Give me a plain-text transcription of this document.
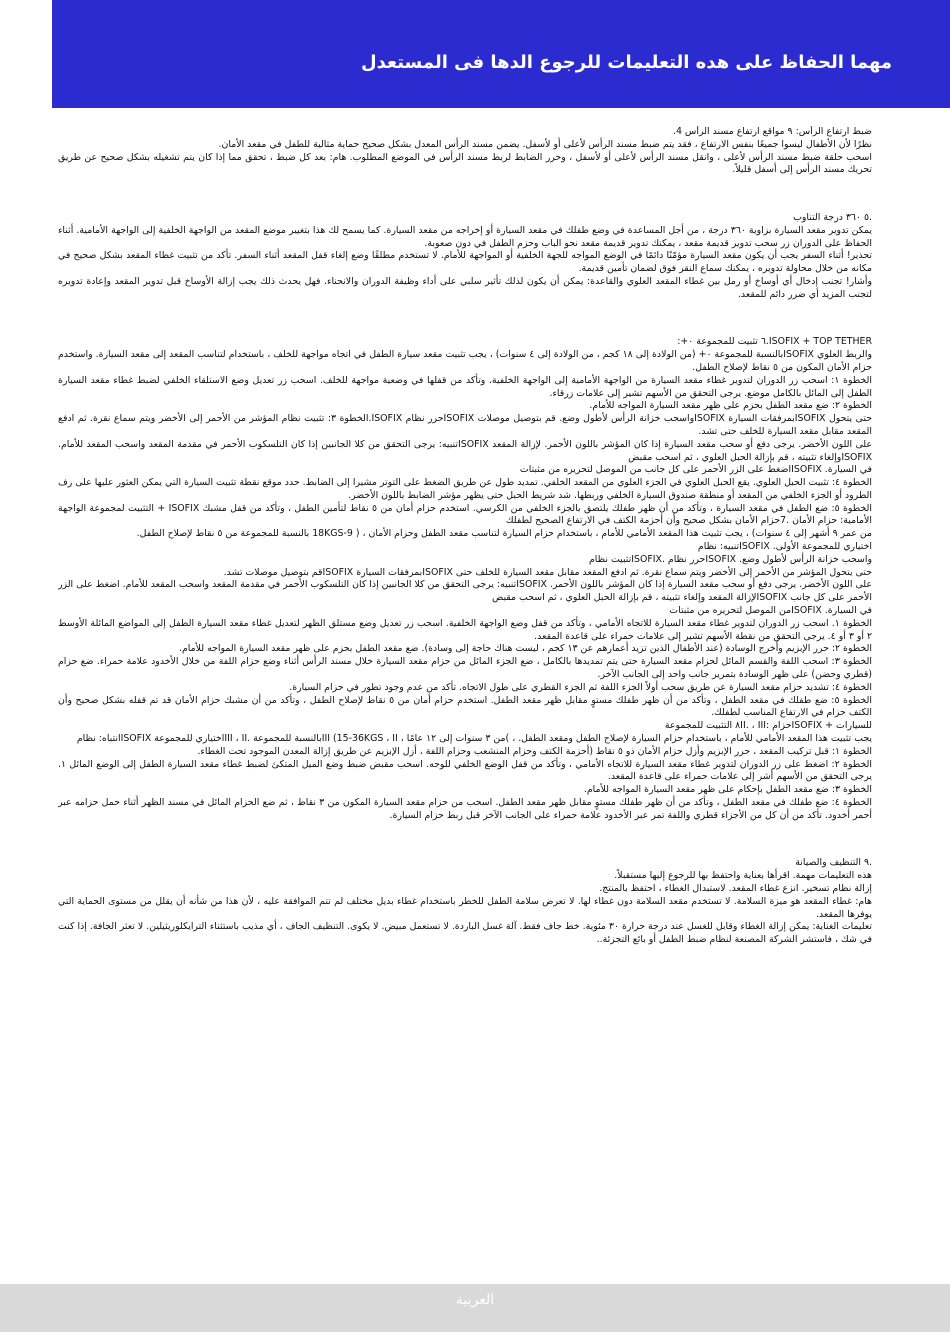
مهما الحفاظ على هده التعليمات للرجوع الدها فى المستعدل

ضبط ارتفاع الرأس: ٩ مواقع ارتفاع مسند الرأس 4.

نظرًا لأن الأطفال ليسوا جميعًا بنفس الارتفاع ، فقد يتم ضبط مسند الرأس لأعلى أو لأسفل. يضمن مسند الرأس المعدل بشكل صحيح حماية مثالية للطفل في مقعد الأمان.

اسحب حلقة ضبط مسند الرأس لأعلى ، وانقل مسند الرأس لأعلى أو لأسفل ، وحرر الضابط لربط مسند الرأس في الموضع المطلوب. هام: بعد كل ضبط ، تحقق مما إذا كان يتم تشغيله بشكل صحيح عن طريق تحريك مسند الرأس إلى أسفل قليلاً.

.٥ ٣٦٠ درجة التناوب

يمكن تدوير مقعد السيارة بزاوية ٣٦٠ درجة ، من أجل المساعدة في وضع طفلك في مقعد السيارة أو إخراجه من مقعد السيارة. كما يسمح لك هذا بتغيير موضع المقعد من الواجهة الخلفية إلى الواجهة الأمامية. أثناء الحفاظ على الدوران زر سحب تدوير قديمة مقعد ، يمكنك تدوير قديمة مقعد نحو الباب وحزم الطفل في دون صعوبة.

تحذير! أثناء السفر يجب أن يكون مقعد السيارة مؤمّنًا دائمًا في الوضع المواجه للجهة الخلفية أو المواجهة للأمام. لا تستخدم مطلقًا وضع إلغاء قفل المقعد أثناء السفر. تأكد من تثبيت غطاء المقعد بشكل صحيح في مكانه من خلال محاولة تدويره ، يمكنك سماع النقر فوق لضمان تأمين قديمة.

وأشار! تجنب إدخال أي أوساخ أو رمل بين غطاء المقعد العلوي والقاعدة: يمكن أن يكون لذلك تأثير سلبي على أداء وظيفة الدوران والانحناء. فهل يحدث ذلك يجب إزالة الأوساخ قبل تدوير المقعد وإعادة تدويره لتجنب المزيد أي ضرر دائم للمقعد.

ISOFIX + TOP TETHER.٦ تثبيت للمجموعة ٠+:

والربط العلوي ISOFIXبالنسبة للمجموعة ٠+ (من الولادة إلى ١٨ كجم ، من الولادة إلى ٤ سنوات) ، يجب تثبيت مقعد سيارة الطفل في اتجاه مواجهة للخلف ، باستخدام لتناسب المقعد إلى مقعد السيارة. واستخدم حزام الأمان المكون من ٥ نقاط لإصلاح الطفل.

الخطوة ١: اسحب زر الدوران لتدوير غطاء مقعد السيارة من الواجهة الأمامية إلى الواجهة الخلفية. وتأكد من قفلها في وضعية مواجهة للخلف. اسحب زر تعديل وضع الاستلقاء الخلفي لضبط غطاء مقعد السيارة الطفل إلى المائل بالكامل موضع. يرجى التحقق من الأسهم تشير إلى علامات زرقاء.

الخطوة ٢: ضع مقعد الطفل بحزم على ظهر مقعد السيارة المواجه للأمام.

حتى يتحول ISOFIXبمرفقات السيارة ISOFIXواسحب خزانة الرأس لأطول وضع. قم بتوصيل موصلات ISOFIXحرر نظام ISOFIX.الخطوة ٣: تثبيت نظام المؤشر من الأحمر إلى الأخضر ويتم سماع نقرة. ثم ادفع المقعد مقابل مقعد السيارة للخلف حتى تشد.

على اللون الأخضر. يرجى دفع أو سحب مقعد السيارة إذا كان المؤشر باللون الأحمر. لإزالة المقعد ISOFIXتنبيه: يرجى التحقق من كلا الجانبين إذا كان التلسكوب الأحمر في مقدمة المقعد واسحب المقعد للأمام. ISOFIXوإلغاء تثبيته ، قم بإزالة الحبل العلوي ، ثم اسحب مقبض

في السيارة. ISOFIXاضغط على الزر الأحمر على كل جانب من الموصل لتحريره من مثبتات

الخطوة ٤: تثبيت الحبل العلوي. يقع الحبل العلوي في الجزء العلوي من المقعد الخلفي. تمديد طول عن طريق الضغط على التوتر مشيرا إلى الضابط. حدد موقع نقطة تثبيت السيارة التي يمكن العثور عليها على رف الطرود أو الجزء الخلفي من المقعد أو منطقة صندوق السيارة الخلفي وربطها. شد شريط الحبل حتى يظهر مؤشر الضابط باللون الأخضر.

الخطوة ٥: ضع الطفل في مقعد السيارة ، وتأكد من أن ظهر طفلك يلتصق بالجزء الخلفي من الكرسي. استخدم حزام أمان من ٥ نقاط لتأمين الطفل ، وتأكد من قفل مشبك ISOFIX + التثبيت لمجموعة الواجهة الأمامية: حزام الأمان .7حزام الأمان بشكل صحيح وأن أحزمة الكتف في الارتفاع الصحيح لطفلك

من عمر ٩ أشهر إلى ٤ سنوات) ، يجب تثبيت هذا المقعد الأمامي للأمام ، باستخدام حزام السيارة لتناسب مقعد الطفل وحزام الأمان ، ( 9-18KGS بالنسبة للمجموعة من ٥ نقاط لإصلاح الطفل.

اختياري للمجموعة الأولى. ISOFIXتنبيه: نظام

واسحب خزانة الرأس لأطول وضع. ISOFIXحرر نظام .ISOFIXتثبيت نظام

حتى يتحول المؤشر من الأحمر إلى الأخضر ويتم سماع نقرة. ثم ادفع المقعد مقابل مقعد السيارة للخلف حتى ISOFIXبمرفقات السيارة ISOFIXقم بتوصيل موصلات تشد.

على اللون الأخضر. يرجى دفع أو سحب مقعد السيارة إذا كان المؤشر باللون الأحمر. ISOFIXتنبيه: يرجى التحقق من كلا الجانبين إذا كان التلسكوب الأحمر في مقدمة المقعد واسحب المقعد للأمام. اضغط على الزر الأحمر على كل جانب ISOFIXلإزالة المقعد وإلغاء تثبيته ، قم بإزالة الحبل العلوي ، ثم اسحب مقبض

في السيارة. ISOFIXمن الموصل لتحريره من مثبتات

الخطوة ١. اسحب زر الدوران لتدوير غطاء مقعد السيارة للاتجاه الأمامي ، وتأكد من قفل وضع الواجهة الخلفية. اسحب زر تعديل وضع مستلق الظهر لتعديل غطاء مقعد السيارة الطفل إلى المواضع المائلة الأوسط ٢ أو ٣ أو ٤. يرجى التحقق من نقطة الأسهم تشير إلى علامات حمراء على قاعدة المقعد.

الخطوة ٢: حرر الإبزيم وأخرج الوسادة (عند الأطفال الذين تزيد أعمارهم عن ١٣ كجم ، ليست هناك حاجة إلى وسادة). ضع مقعد الطفل بحزم على ظهر مقعد السيارة المواجه للأمام.

الخطوة ٣: اسحب اللفة والقسم المائل لحزام مقعد السيارة حتى يتم تمديدها بالكامل ، ضع الجزء المائل من حزام مقعد السيارة خلال مسند الرأس أثناء وضع حزام اللفة من خلال الأخدود علامة حمراء. ضع حزام (قطري وحضن) على ظهر الوسادة بتمرير جانب واحد إلى الجانب الآخر.

الخطوة ٤: تشديد حزام مقعد السيارة عن طريق سحب أولاً الجزء اللفة ثم الجزء القطري على طول الاتجاه. تأكد من عدم وجود تطور في حزام السيارة.

الخطوة ٥: ضع طفلك في مقعد الطفل ، وتأكد من أن ظهر طفلك مستوٍ مقابل ظهر مقعد الطفل. استخدم حزام أمان من ٥ نقاط لإصلاح الطفل ، وتأكد من أن مشبك حزام الأمان قد تم قفله بشكل صحيح وأن الكتف حزام في الارتفاع المناسب لطفلك.

للسيارات + ISOFIXحزام :III ، .٨II التثبيت للمجموعة

يجب تثبيت هذا المقعد الأمامي للأمام ، باستخدام حزام السيارة لإصلاح الطفل ومقعد الطفل. ، )من ٣ سنوات إلى ١٢ عامًا ، III (15-36KGS ، IIبالنسبة للمجموعة .III ، IIاختياري للمجموعة ISOFIXانتباه: نظام

الخطوة ١: قبل تركيب المقعد ، حرر الإبزيم وأزل حزام الأمان ذو ٥ نقاط (أحزمة الكتف وحزام المنشعب وحزام اللفة ، أزل الإبزيم عن طريق إزالة المعدن الموجود تحت الغطاء.

الخطوة ٢: اضغط على زر الدوران لتدوير غطاء مقعد السيارة للاتجاه الأمامي ، وتأكد من قفل الوضع الخلفي للوجه. اسحب مقبض ضبط وضع الميل المتكئ لضبط غطاء مقعد السيارة الطفل إلى الوضع المائل ١. يرجى التحقق من الأسهم أشر إلى علامات حمراء على قاعدة المقعد.

الخطوة ٣: ضع مقعد الطفل بإحكام على ظهر مقعد السيارة المواجه للأمام.

الخطوة ٤: ضع طفلك في مقعد الطفل ، وتأكد من أن ظهر طفلك مستوٍ مقابل ظهر مقعد الطفل. اسحب من حزام مقعد السيارة المكون من ٣ نقاط ، ثم ضع الحزام المائل في مسند الظهر أثناء حمل حزامه عبر أحمر أخدود. تأكد من أن كل من الأجزاء قطري واللفة تمر عبر الأخدود علامة حمراء على الجانب الآخر قبل ربط حزام السيارة.

.٩ التنظيف والصيانة

هذه التعليمات مهمة. اقرأها بعناية واحتفظ بها للرجوع إليها مستقبلاً.

إزالة نظام تسخير. انزع غطاء المقعد. لاستبدال الغطاء ، احتفظ بالمنتج.

هام: غطاء المقعد هو ميزة السلامة. لا تستخدم مقعد السلامة دون غطاء لها. لا تعرض سلامة الطفل للخطر باستخدام غطاء بديل مختلف لم تتم الموافقة عليه ، لأن هذا من شأنه أن يقلل من مستوى الحماية التي يوفرها المقعد.

تعليمات الغناية: يمكن إزالة الغطاء وقابل للغسل عند درجة حرارة ٣٠ مئوية. خط جاف فقط. آلة غسل الباردة. لا تستعمل مبيض. لا يكوى. التنظيف الجاف ، أي مذيب باستثناء الترايكلوريثيلين. لا تعثر الجافة. إذا كنت في شك ، فاستشر الشركة المصنعة لنظام ضبط الطفل أو بائع التجزئة..

العربية
